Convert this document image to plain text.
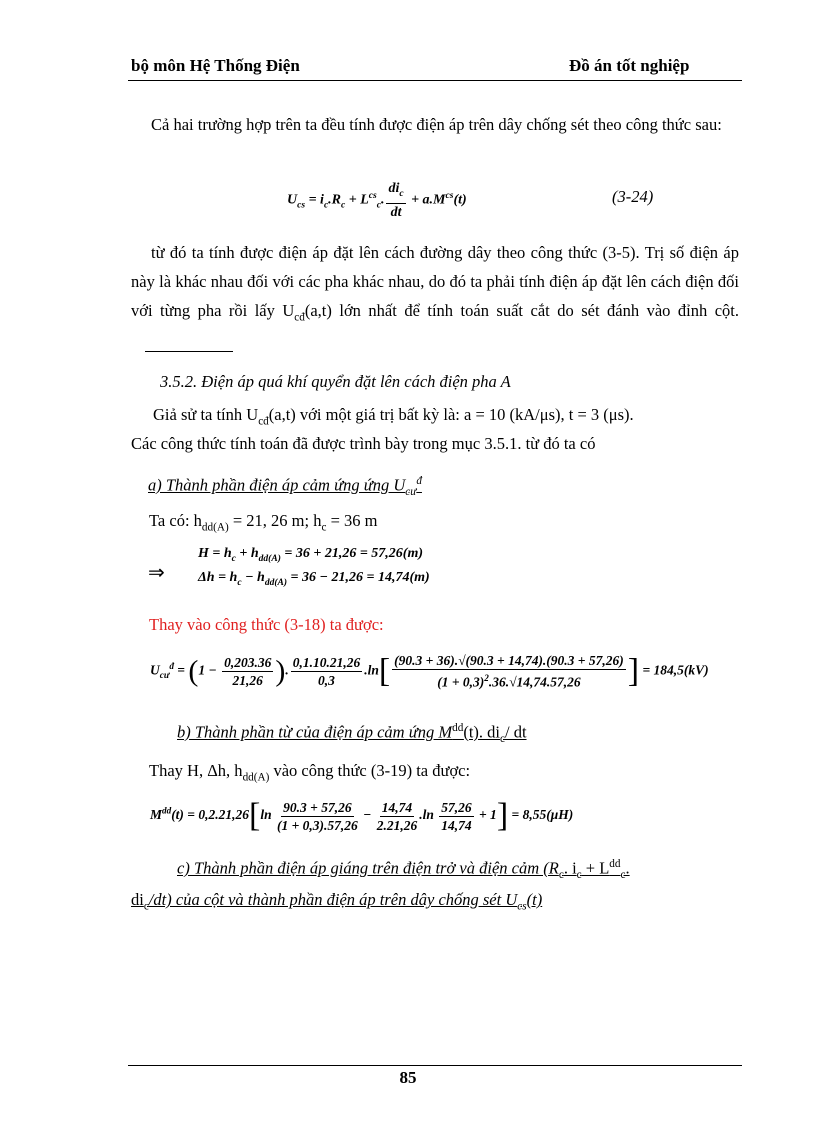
bộ môn Hệ Thống Điện	Đồ án tốt nghiệp
Cả hai trường hợp trên ta đều tính được điện áp trên dây chống sét theo công thức sau:
$U_{cs} = i_c.R_c + L^{cs}_c$. $\frac{di_c}{dt} + a.M^{cs}(t)$	(3-24)
từ đó ta tính được điện áp đặt lên cách đường dây theo công thức (3-5). Trị số điện áp này là khác nhau đối với các pha khác nhau, do đó ta phải tính điện áp đặt lên cách điện đối với từng pha rồi lấy $U_{cđ}(a,t)$ lớn nhất để tính toán suất cắt do sét đánh vào đỉnh cột.
3.5.2. Điện áp quá khí quyển đặt lên cách điện pha A
Giả sử ta tính $U_{cđ}(a,t)$ với một giá trị bất kỳ là: a = 10 (kA/μs), t = 3 (μs).
Các công thức tính toán đã được trình bày trong mục 3.5.1. từ đó ta có
a) Thành phần điện áp cảm ứng ứng $U_{cư}^đ$
Ta có: $h_{dd(A)} = 21$, 26 m; $h_c = 36$ m
⇒
$H = h_c + h_{dd(A)} = 36 + 21,26 = 57,26(m)$
$\Delta h = h_c - h_{dd(A)} = 36 - 21,26 = 14,74(m)$
Thay vào công thức (3-18) ta được:
$U_{cư}^đ = (1 - \frac{0,203.36}{21,26}$ ). $\frac{0,1.10.21,26}{0,3} .\ln[ \frac{(90.3 + 36).√(90.3 + 14,74).(90.3 + 57,26)}{(1 + 0,3)^2.36.√14,74.57,26}$ ] = 184,5(kV)
b) Thành phần từ của điện áp cảm ứng $M^{dd}(t)$. $di_c/$ dt
Thay H, Δh, $h_{dd(A)}$ vào công thức (3-19) ta được:
$M^{dd}(t) = 0,2.21,26[\ln \frac{90.3 + 57,26}{(1 + 0,3).57,26} - \frac{14,74}{2.21,26} .\ln \frac{57,26}{14,74} + 1] = 8,55(\mu H)$
c) Thành phần điện áp giáng trên điện trở và điện cảm ($R_c$. $i_c + L^{dd}_c$.
$di_c/dt$) của cột và thành phần điện áp trên dây chống sét $U_{cs}(t)$
85
